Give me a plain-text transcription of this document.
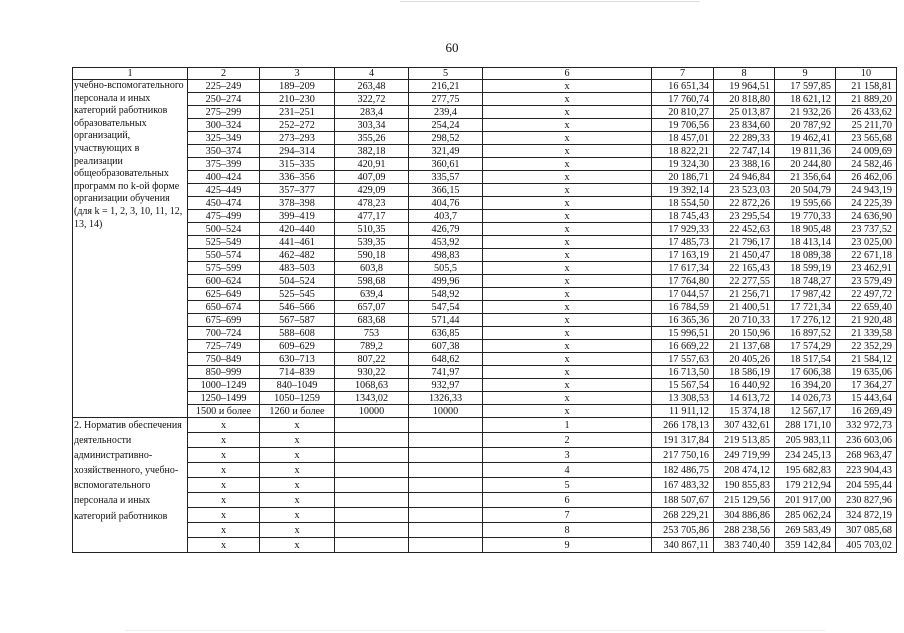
60
1	2	3	4	5	6	7	8	9	10
учебно-вспомогательного персонала и иных категорий работников образовательных организаций, участвующих в реализации общеобразовательных программ по k-ой форме организации обучения (для k = 1, 2, 3, 10, 11, 12, 13, 14)	225–249	189–209	263,48	216,21	x	16 651,34	19 964,51	17 597,85	21 158,81
	250–274	210–230	322,72	277,75	x	17 760,74	20 818,80	18 621,12	21 889,20
	275–299	231–251	283,4	239,4	x	20 810,27	25 013,87	21 932,26	26 433,62
	300–324	252–272	303,34	254,24	x	19 706,56	23 834,60	20 787,92	25 211,70
	325–349	273–293	355,26	298,52	x	18 457,01	22 289,33	19 462,41	23 565,68
	350–374	294–314	382,18	321,49	x	18 822,21	22 747,14	19 811,36	24 009,69
	375–399	315–335	420,91	360,61	x	19 324,30	23 388,16	20 244,80	24 582,46
	400–424	336–356	407,09	335,57	x	20 186,71	24 946,84	21 356,64	26 462,06
	425–449	357–377	429,09	366,15	x	19 392,14	23 523,03	20 504,79	24 943,19
	450–474	378–398	478,23	404,76	x	18 554,50	22 872,26	19 595,66	24 225,39
	475–499	399–419	477,17	403,7	x	18 745,43	23 295,54	19 770,33	24 636,90
	500–524	420–440	510,35	426,79	x	17 929,33	22 452,63	18 905,48	23 737,52
	525–549	441–461	539,35	453,92	x	17 485,73	21 796,17	18 413,14	23 025,00
	550–574	462–482	590,18	498,83	x	17 163,19	21 450,47	18 089,38	22 671,18
	575–599	483–503	603,8	505,5	x	17 617,34	22 165,43	18 599,19	23 462,91
	600–624	504–524	598,68	499,96	x	17 764,80	22 277,55	18 748,27	23 579,49
	625–649	525–545	639,4	548,92	x	17 044,57	21 256,71	17 987,42	22 497,72
	650–674	546–566	657,07	547,54	x	16 784,59	21 400,51	17 721,34	22 659,40
	675–699	567–587	683,68	571,44	x	16 365,36	20 710,33	17 276,12	21 920,48
	700–724	588–608	753	636,85	x	15 996,51	20 150,96	16 897,52	21 339,58
	725–749	609–629	789,2	607,38	x	16 669,22	21 137,68	17 574,29	22 352,29
	750–849	630–713	807,22	648,62	x	17 557,63	20 405,26	18 517,54	21 584,12
	850–999	714–839	930,22	741,97	x	16 713,50	18 586,19	17 606,38	19 635,06
	1000–1249	840–1049	1068,63	932,97	x	15 567,54	16 440,92	16 394,20	17 364,27
	1250–1499	1050–1259	1343,02	1326,33	x	13 308,53	14 613,72	14 026,73	15 443,64
	1500 и более	1260 и более	10000	10000	x	11 911,12	15 374,18	12 567,17	16 269,49
2. Норматив обеспечения деятельности административно-хозяйственного, учебно-вспомогательного персонала и иных категорий работников	x	x			1	266 178,13	307 432,61	288 171,10	332 972,73
	x	x			2	191 317,84	219 513,85	205 983,11	236 603,06
	x	x			3	217 750,16	249 719,99	234 245,13	268 963,47
	x	x			4	182 486,75	208 474,12	195 682,83	223 904,43
	x	x			5	167 483,32	190 855,83	179 212,94	204 595,44
	x	x			6	188 507,67	215 129,56	201 917,00	230 827,96
	x	x			7	268 229,21	304 886,86	285 062,24	324 872,19
	x	x			8	253 705,86	288 238,56	269 583,49	307 085,68
	x	x			9	340 867,11	383 740,40	359 142,84	405 703,02
